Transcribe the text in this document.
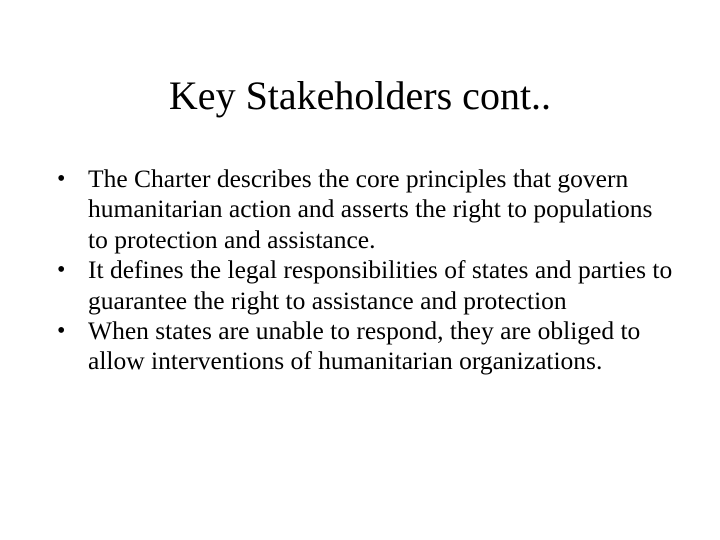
Key Stakeholders cont..
• The Charter describes the core principles that govern humanitarian action and asserts the right to populations to protection and assistance.
• It defines the legal responsibilities of states and parties to guarantee the right to assistance and protection
• When states are unable to respond, they are obliged to allow interventions of humanitarian organizations.
